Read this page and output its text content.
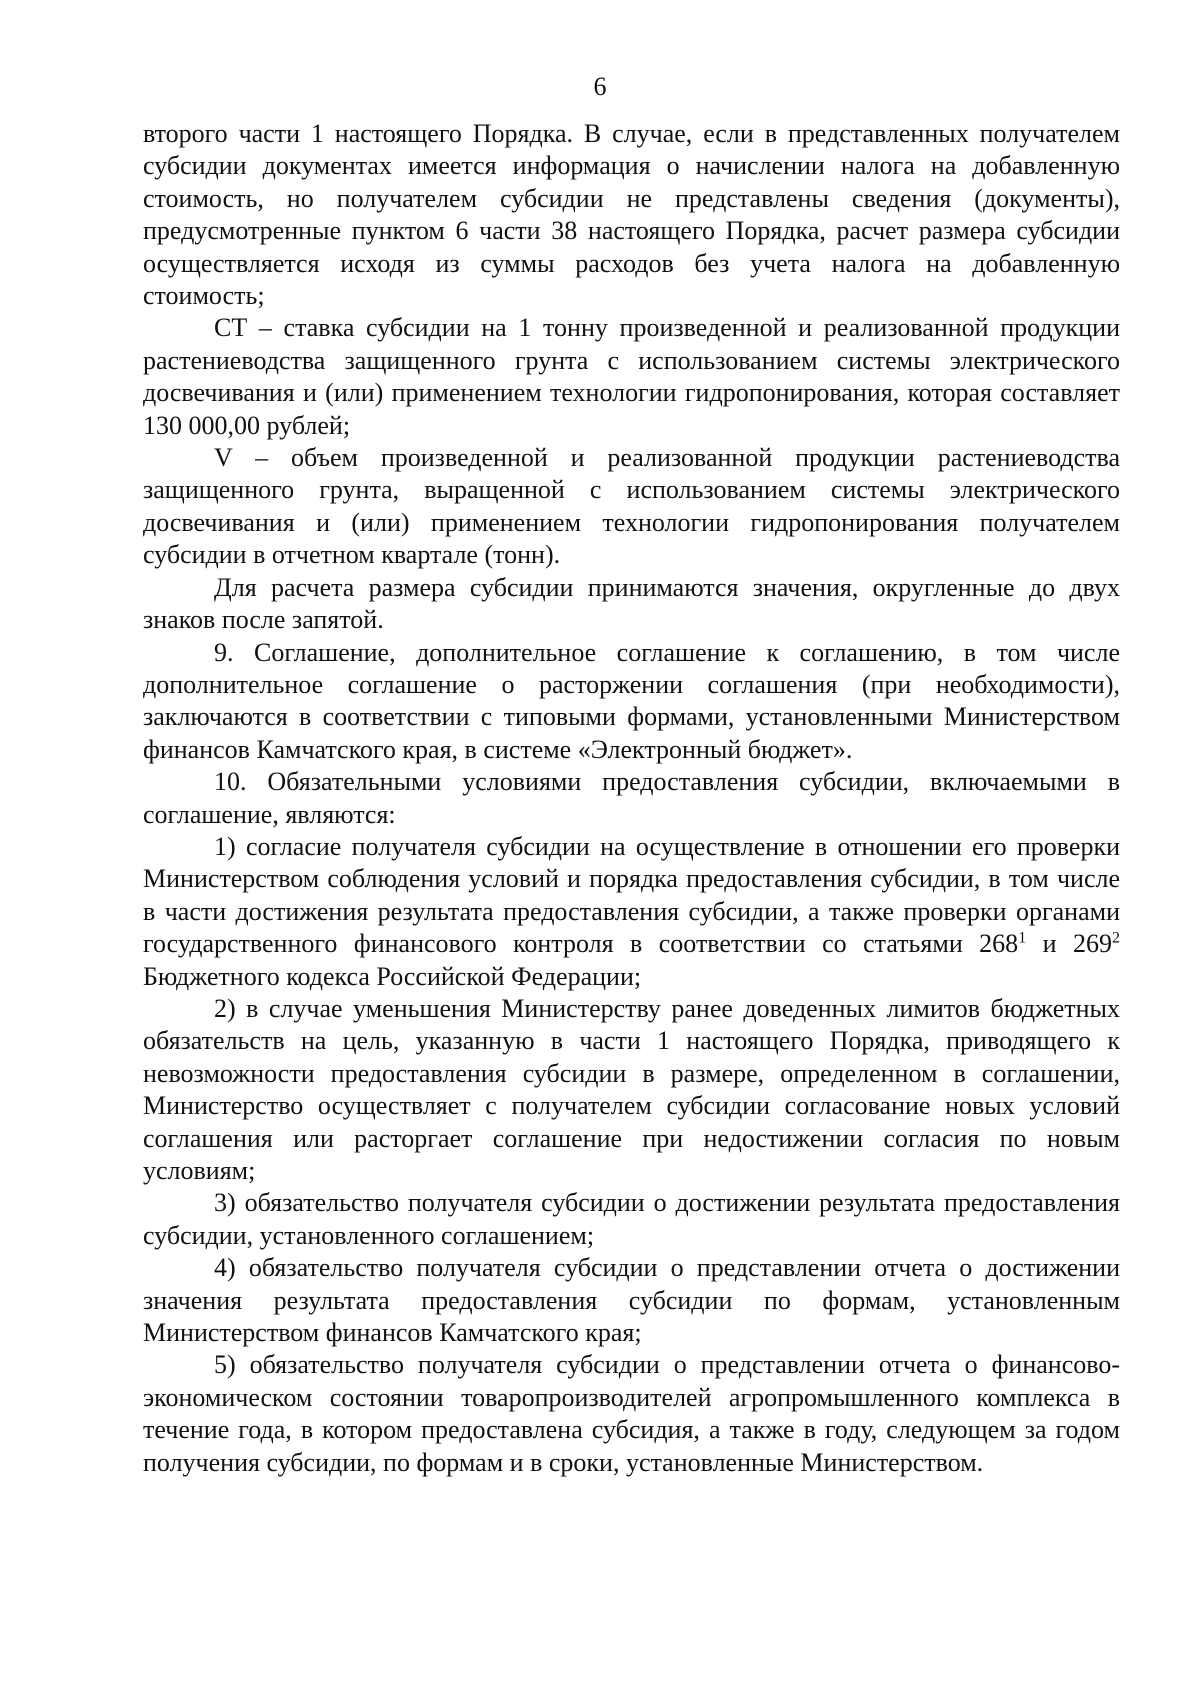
6

второго части 1 настоящего Порядка. В случае, если в представленных получателем субсидии документах имеется информация о начислении налога на добавленную стоимость, но получателем субсидии не представлены сведения (документы), предусмотренные пунктом 6 части 38 настоящего Порядка, расчет размера субсидии осуществляется исходя из суммы расходов без учета налога на добавленную стоимость;

СТ – ставка субсидии на 1 тонну произведенной и реализованной продукции растениеводства защищенного грунта с использованием системы электрического досвечивания и (или) применением технологии гидропонирования, которая составляет 130 000,00 рублей;

V – объем произведенной и реализованной продукции растениеводства защищенного грунта, выращенной с использованием системы электрического досвечивания и (или) применением технологии гидропонирования получателем субсидии в отчетном квартале (тонн).

Для расчета размера субсидии принимаются значения, округленные до двух знаков после запятой.

9. Соглашение, дополнительное соглашение к соглашению, в том числе дополнительное соглашение о расторжении соглашения (при необходимости), заключаются в соответствии с типовыми формами, установленными Министерством финансов Камчатского края, в системе «Электронный бюджет».

10. Обязательными условиями предоставления субсидии, включаемыми в соглашение, являются:

1) согласие получателя субсидии на осуществление в отношении его проверки Министерством соблюдения условий и порядка предоставления субсидии, в том числе в части достижения результата предоставления субсидии, а также проверки органами государственного финансового контроля в соответствии со статьями $268^1$ и $269^2$ Бюджетного кодекса Российской Федерации;

2) в случае уменьшения Министерству ранее доведенных лимитов бюджетных обязательств на цель, указанную в части 1 настоящего Порядка, приводящего к невозможности предоставления субсидии в размере, определенном в соглашении, Министерство осуществляет с получателем субсидии согласование новых условий соглашения или расторгает соглашение при недостижении согласия по новым условиям;

3) обязательство получателя субсидии о достижении результата предоставления субсидии, установленного соглашением;

4) обязательство получателя субсидии о представлении отчета о достижении значения результата предоставления субсидии по формам, установленным Министерством финансов Камчатского края;

5) обязательство получателя субсидии о представлении отчета о финансово-экономическом состоянии товаропроизводителей агропромышленного комплекса в течение года, в котором предоставлена субсидия, а также в году, следующем за годом получения субсидии, по формам и в сроки, установленные Министерством.
